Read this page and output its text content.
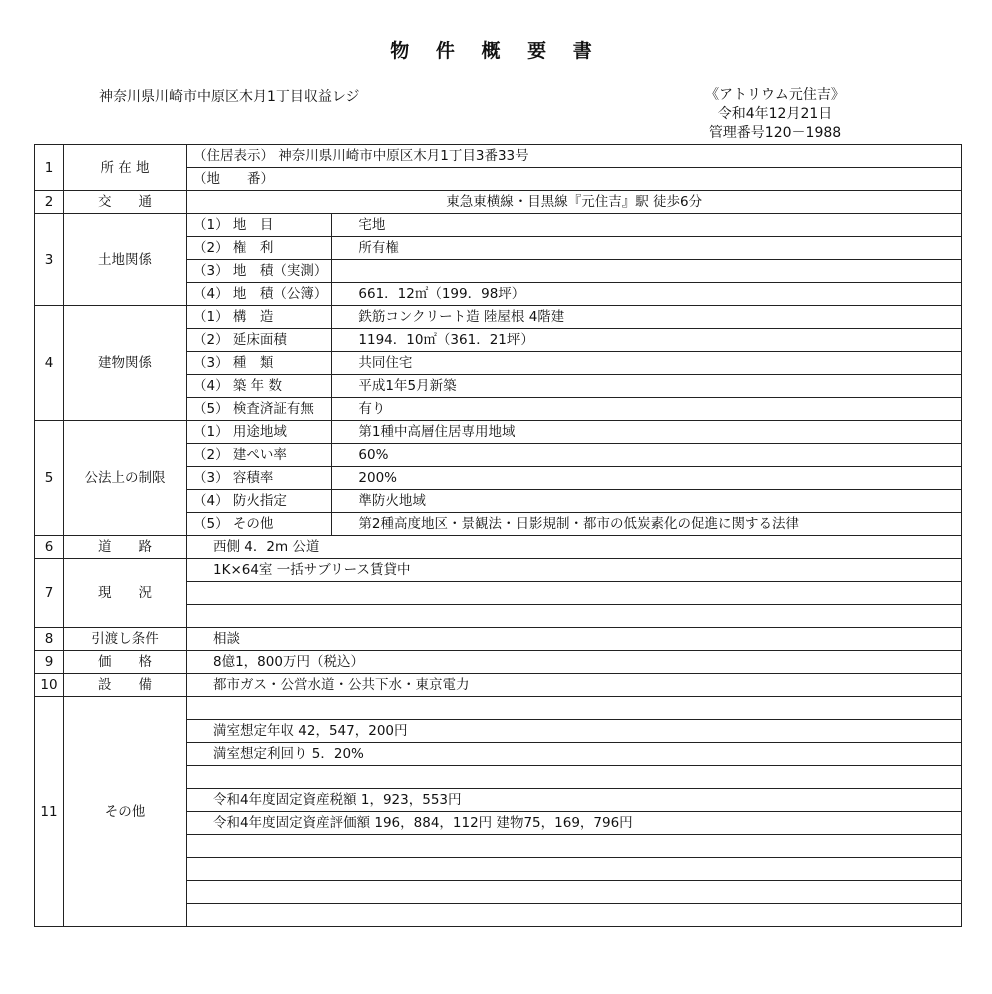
物 件 概 要 書
神奈川県川崎市中原区木月1丁目収益レジ	《アトリウム元住吉》
令和4年12月21日
管理番号120－1988
1	所 在 地	（住居表示） 神奈川県川崎市中原区木月1丁目3番33号	
		（地　　番）	
2	交　　通	東急東横線・目黒線『元住吉』駅 徒歩6分	
3	土地関係	（1） 地　目	宅地
		（2） 権　利	所有権
		（3） 地　積（実測）	
		（4） 地　積（公簿）	661．12㎡（199．98坪）
4	建物関係	（1） 構　造	鉄筋コンクリート造 陸屋根 4階建
		（2） 延床面積	1194．10㎡（361．21坪）
		（3） 種　類	共同住宅
		（4） 築 年 数	平成1年5月新築
		（5） 検査済証有無	有り
5	公法上の制限	（1） 用途地域	第1種中高層住居専用地域
		（2） 建ぺい率	60%
		（3） 容積率	200%
		（4） 防火指定	準防火地域
		（5） その他	第2種高度地区・景観法・日影規制・都市の低炭素化の促進に関する法律
6	道　　路	西側 4．2m 公道	
7	現　　況	1K×64室 一括サブリース賃貸中	

8	引渡し条件	相談	
9	価　　格	8億1，800万円（税込）	
10	設　　備	都市ガス・公営水道・公共下水・東京電力	
11	その他		
		満室想定年収 42，547，200円	
		満室想定利回り 5．20%	

		令和4年度固定資産税額 1，923，553円	
		令和4年度固定資産評価額 196，884，112円 建物75，169，796円	
